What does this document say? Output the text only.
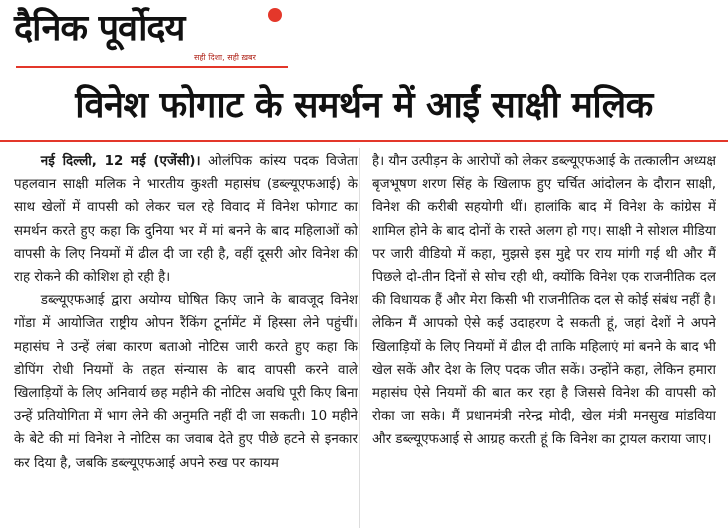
दैनिक पूर्वोदय
सही दिशा, सही ख़बर
विनेश फोगाट के समर्थन में आईं साक्षी मलिक

नई दिल्ली, 12 मई (एजेंसी)। ओलंपिक कांस्य पदक विजेता पहलवान साक्षी मलिक ने भारतीय कुश्ती महासंघ (डब्ल्यूएफआई) के साथ खेलों में वापसी को लेकर चल रहे विवाद में विनेश फोगाट का समर्थन करते हुए कहा कि दुनिया भर में मां बनने के बाद महिलाओं को वापसी के लिए नियमों में ढील दी जा रही है, वहीं दूसरी ओर विनेश की राह रोकने की कोशिश हो रही है।

डब्ल्यूएफआई द्वारा अयोग्य घोषित किए जाने के बावजूद विनेश गोंडा में आयोजित राष्ट्रीय ओपन रैंकिंग टूर्नामेंट में हिस्सा लेने पहुंचीं। महासंघ ने उन्हें लंबा कारण बताओ नोटिस जारी करते हुए कहा कि डोपिंग रोधी नियमों के तहत संन्यास के बाद वापसी करने वाले खिलाड़ियों के लिए अनिवार्य छह महीने की नोटिस अवधि पूरी किए बिना उन्हें प्रतियोगिता में भाग लेने की अनुमति नहीं दी जा सकती। 10 महीने के बेटे की मां विनेश ने नोटिस का जवाब देते हुए पीछे हटने से इनकार कर दिया है, जबकि डब्ल्यूएफआई अपने रुख पर कायम

है। यौन उत्पीड़न के आरोपों को लेकर डब्ल्यूएफआई के तत्कालीन अध्यक्ष बृजभूषण शरण सिंह के खिलाफ हुए चर्चित आंदोलन के दौरान साक्षी, विनेश की करीबी सहयोगी थीं। हालांकि बाद में विनेश के कांग्रेस में शामिल होने के बाद दोनों के रास्ते अलग हो गए। साक्षी ने सोशल मीडिया पर जारी वीडियो में कहा, मुझसे इस मुद्दे पर राय मांगी गई थी और मैं पिछले दो-तीन दिनों से सोच रही थी, क्योंकि विनेश एक राजनीतिक दल की विधायक हैं और मेरा किसी भी राजनीतिक दल से कोई संबंध नहीं है। लेकिन मैं आपको ऐसे कई उदाहरण दे सकती हूं, जहां देशों ने अपने खिलाड़ियों के लिए नियमों में ढील दी ताकि महिलाएं मां बनने के बाद भी खेल सकें और देश के लिए पदक जीत सकें। उन्होंने कहा, लेकिन हमारा महासंघ ऐसे नियमों की बात कर रहा है जिससे विनेश की वापसी को रोका जा सके। मैं प्रधानमंत्री नरेन्द्र मोदी, खेल मंत्री मनसुख मांडविया और डब्ल्यूएफआई से आग्रह करती हूं कि विनेश का ट्रायल कराया जाए।
